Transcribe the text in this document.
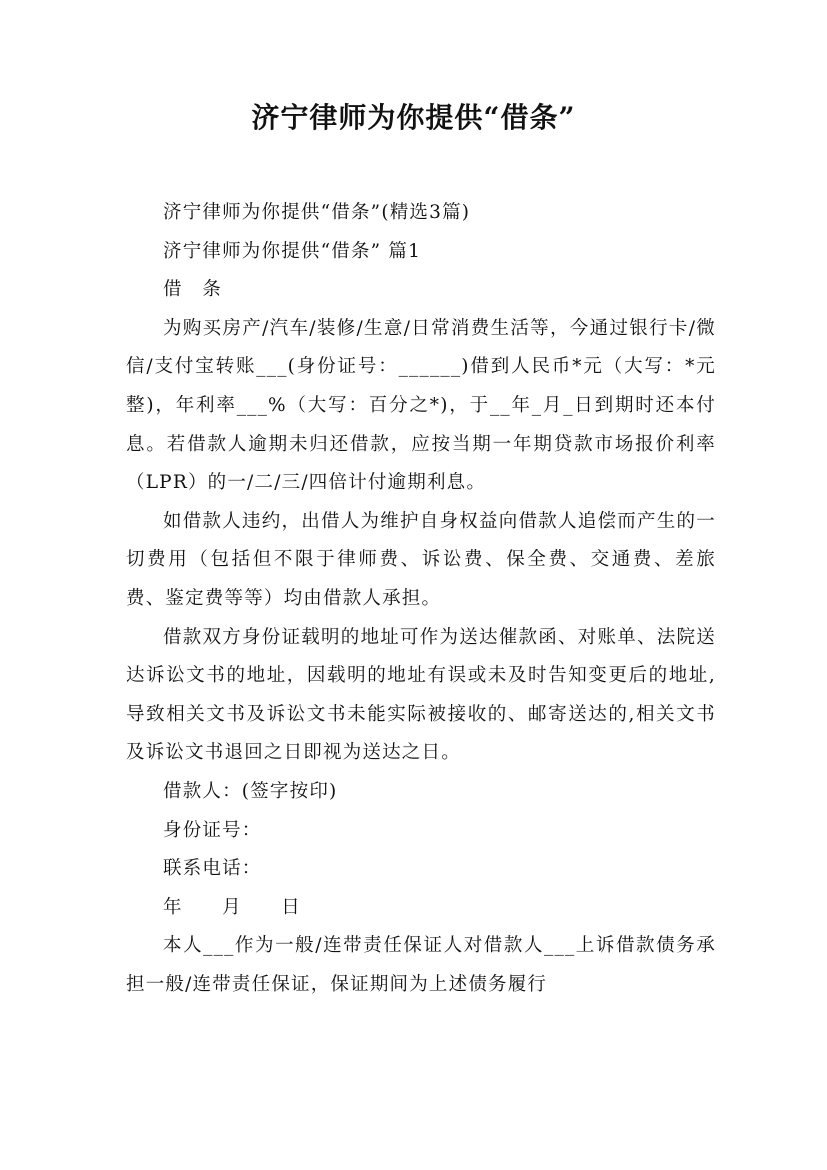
济宁律师为你提供“借条”

济宁律师为你提供“借条”(精选3篇)

济宁律师为你提供“借条” 篇1

借　条

为购买房产/汽车/装修/生意/日常消费生活等，今通过银行卡/微信/支付宝转账___(身份证号：______)借到人民币*元（大写：*元整)，年利率___%（大写：百分之*)，于__年_月_日到期时还本付息。若借款人逾期未归还借款，应按当期一年期贷款市场报价利率（LPR）的一/二/三/四倍计付逾期利息。

如借款人违约，出借人为维护自身权益向借款人追偿而产生的一切费用（包括但不限于律师费、诉讼费、保全费、交通费、差旅费、鉴定费等等）均由借款人承担。

借款双方身份证载明的地址可作为送达催款函、对账单、法院送达诉讼文书的地址，因载明的地址有误或未及时告知变更后的地址,导致相关文书及诉讼文书未能实际被接收的、邮寄送达的,相关文书及诉讼文书退回之日即视为送达之日。

借款人：(签字按印)

身份证号：

联系电话：

年　　月　　日

本人___作为一般/连带责任保证人对借款人___上诉借款债务承担一般/连带责任保证，保证期间为上述债务履行
